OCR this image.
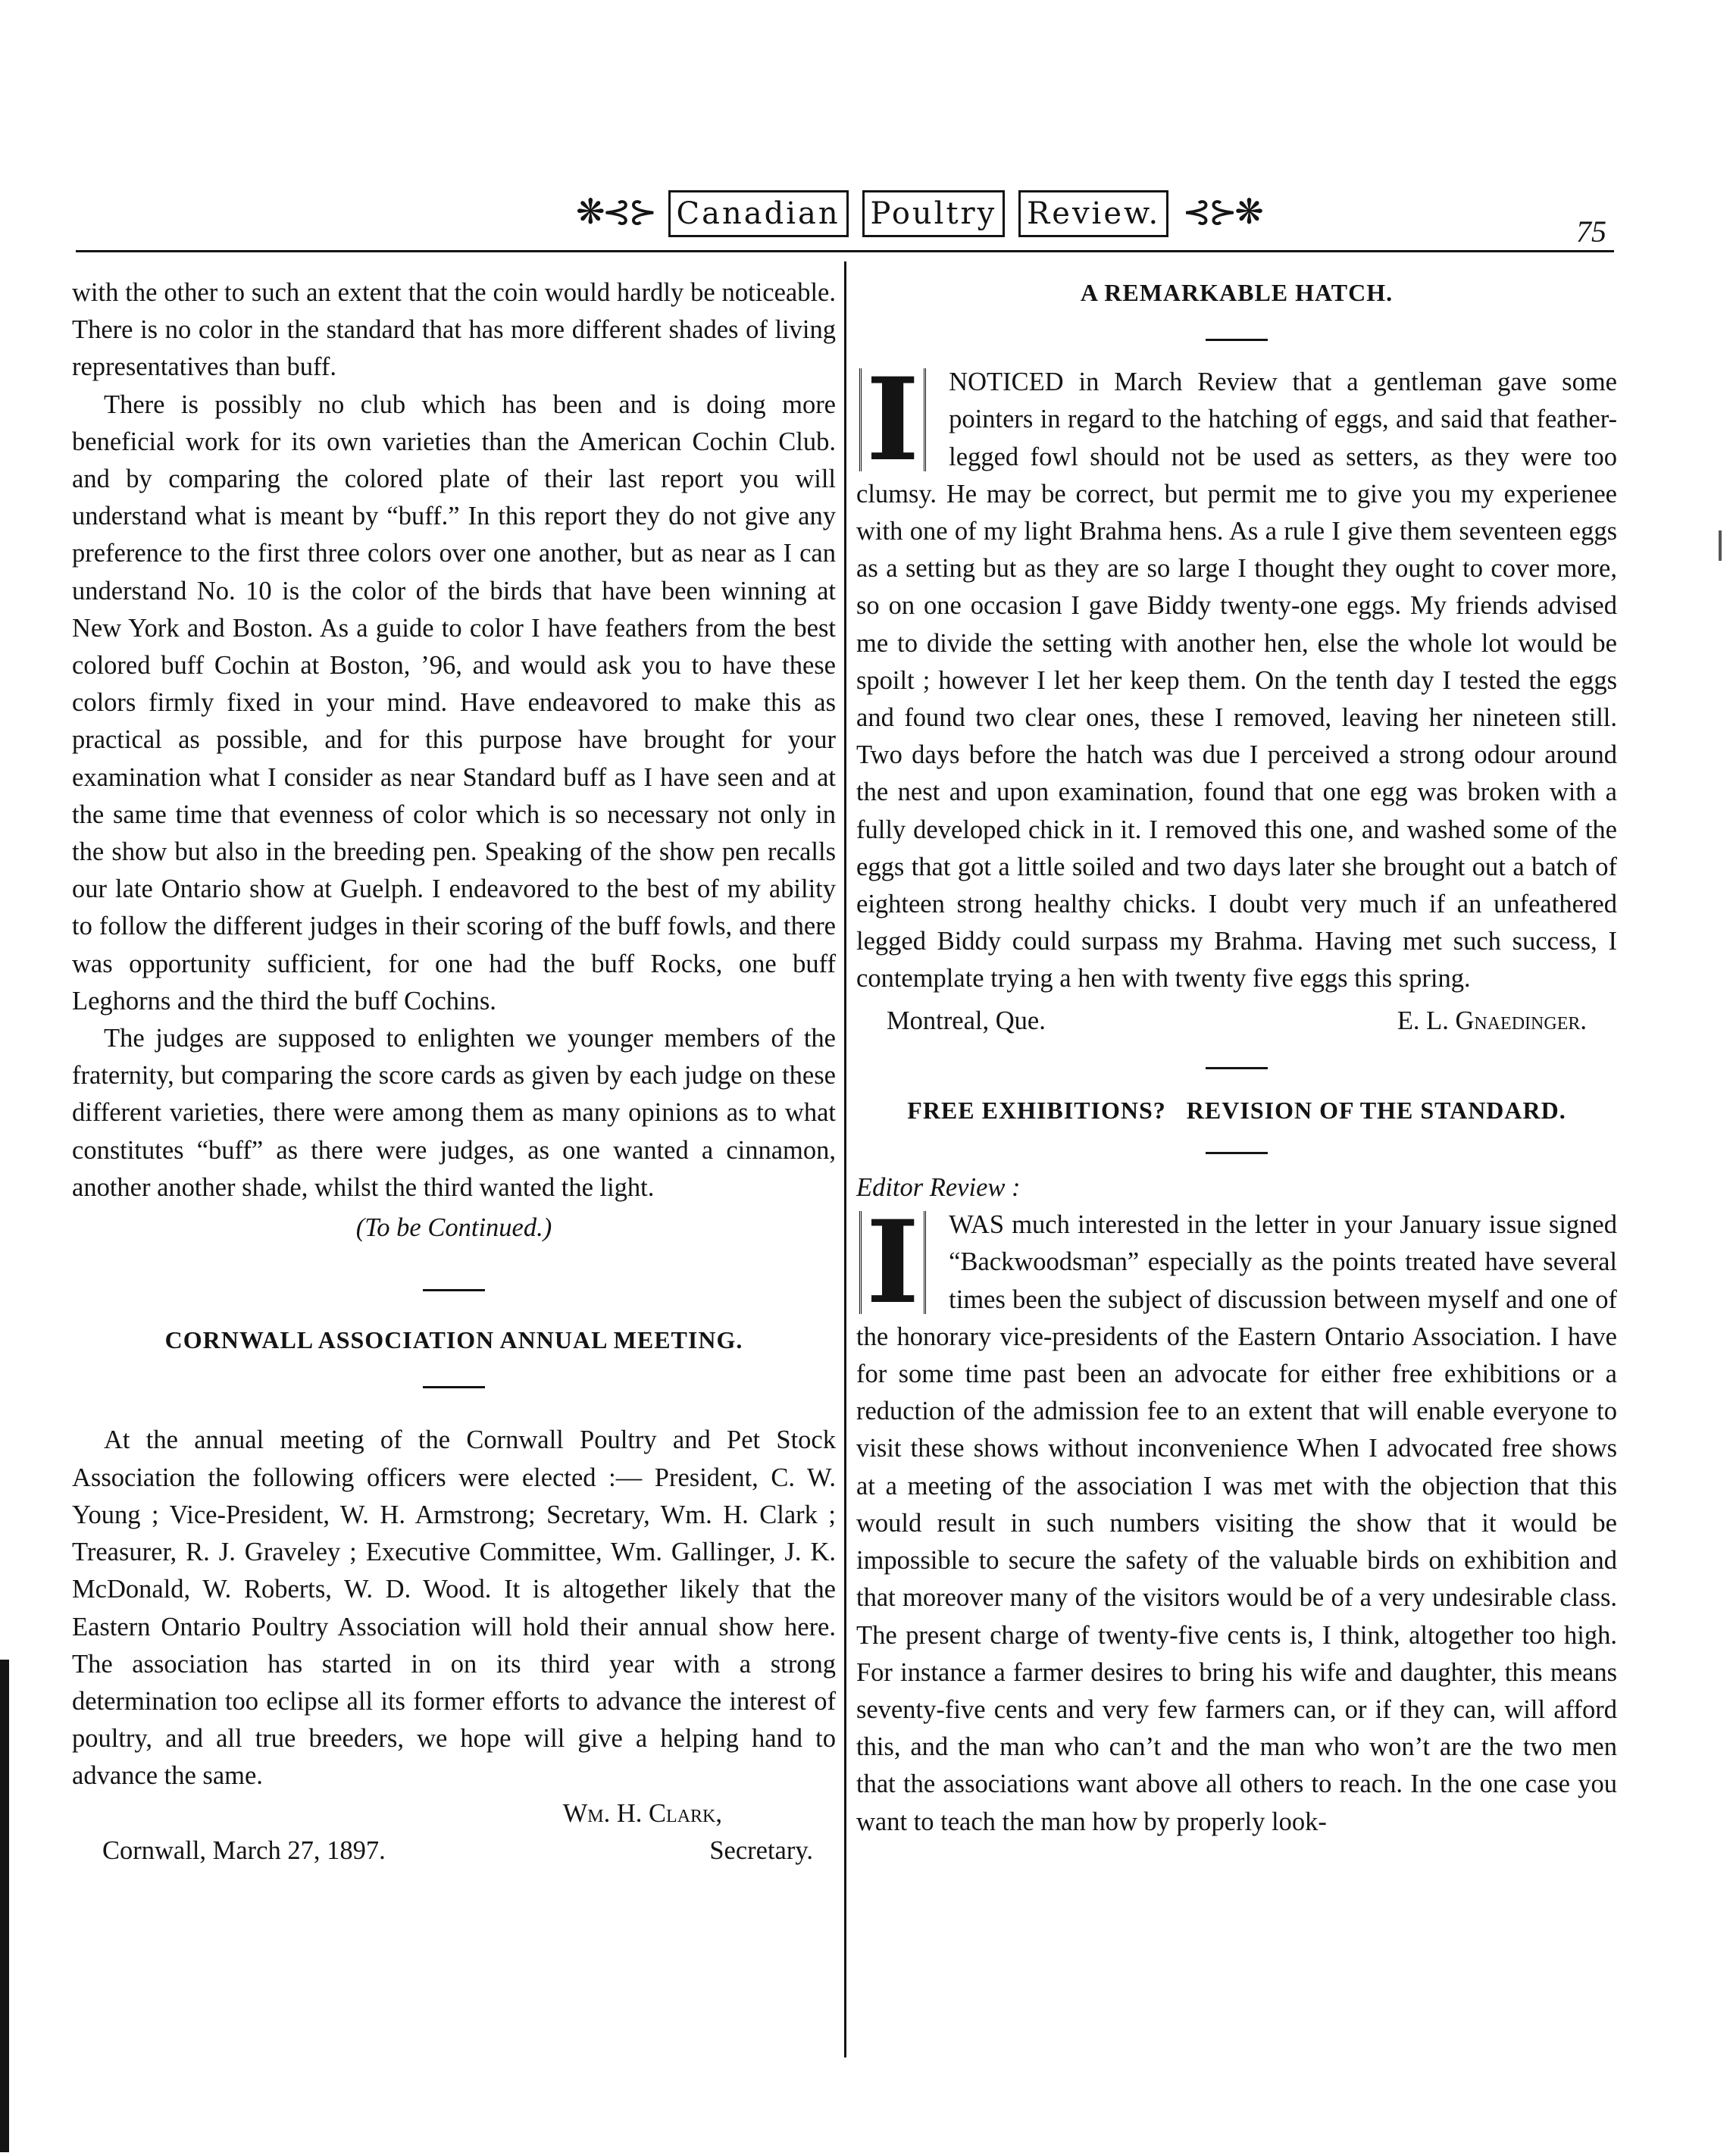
❋⊰⊱ Canadian Poultry Review. ⊰⊱❋	75

with the other to such an extent that the coin would hardly be noticeable. There is no color in the standard that has more different shades of living representatives than buff.

There is possibly no club which has been and is doing more beneficial work for its own varieties than the American Cochin Club. and by comparing the colored plate of their last report you will understand what is meant by “buff.” In this report they do not give any preference to the first three colors over one another, but as near as I can understand No. 10 is the color of the birds that have been winning at New York and Boston. As a guide to color I have feathers from the best colored buff Cochin at Boston, ’96, and would ask you to have these colors firmly fixed in your mind. Have endeavored to make this as practical as possible, and for this purpose have brought for your examination what I consider as near Standard buff as I have seen and at the same time that evenness of color which is so necessary not only in the show but also in the breeding pen. Speaking of the show pen recalls our late Ontario show at Guelph. I endeavored to the best of my ability to follow the different judges in their scoring of the buff fowls, and there was opportunity sufficient, for one had the buff Rocks, one buff Leghorns and the third the buff Cochins.

The judges are supposed to enlighten we younger members of the fraternity, but comparing the score cards as given by each judge on these different varieties, there were among them as many opinions as to what constitutes “buff” as there were judges, as one wanted a cinnamon, another another shade, whilst the third wanted the light.

(To be Continued.)

CORNWALL ASSOCIATION ANNUAL MEETING.

At the annual meeting of the Cornwall Poultry and Pet Stock Association the following officers were elected :— President, C. W. Young ; Vice-President, W. H. Armstrong; Secretary, Wm. H. Clark ; Treasurer, R. J. Graveley ; Executive Committee, Wm. Gallinger, J. K. McDonald, W. Roberts, W. D. Wood. It is altogether likely that the Eastern Ontario Poultry Association will hold their annual show here. The association has started in on its third year with a strong determination too eclipse all its former efforts to advance the interest of poultry, and all true breeders, we hope will give a helping hand to advance the same.

Wm. H. Clark,

Cornwall, March 27, 1897.	Secretary.

A REMARKABLE HATCH.

I NOTICED in March Review that a gentleman gave some pointers in regard to the hatching of eggs, and said that feather-legged fowl should not be used as setters, as they were too clumsy. He may be correct, but permit me to give you my experienee with one of my light Brahma hens. As a rule I give them seventeen eggs as a setting but as they are so large I thought they ought to cover more, so on one occasion I gave Biddy twenty-one eggs. My friends advised me to divide the setting with another hen, else the whole lot would be spoilt ; however I let her keep them. On the tenth day I tested the eggs and found two clear ones, these I removed, leaving her nineteen still. Two days before the hatch was due I perceived a strong odour around the nest and upon examination, found that one egg was broken with a fully developed chick in it. I removed this one, and washed some of the eggs that got a little soiled and two days later she brought out a batch of eighteen strong healthy chicks. I doubt very much if an unfeathered legged Biddy could surpass my Brahma. Having met such success, I contemplate trying a hen with twenty five eggs this spring.

Montreal, Que.	E. L. Gnaedinger.

FREE EXHIBITIONS?   REVISION OF THE STANDARD.

Editor Review :

I WAS much interested in the letter in your January issue signed “Backwoodsman” especially as the points treated have several times been the subject of discussion between myself and one of the honorary vice-presidents of the Eastern Ontario Association. I have for some time past been an advocate for either free exhibitions or a reduction of the admission fee to an extent that will enable everyone to visit these shows without inconvenience When I advocated free shows at a meeting of the association I was met with the objection that this would result in such numbers visiting the show that it would be impossible to secure the safety of the valuable birds on exhibition and that moreover many of the visitors would be of a very undesirable class. The present charge of twenty-five cents is, I think, altogether too high. For instance a farmer desires to bring his wife and daughter, this means seventy-five cents and very few farmers can, or if they can, will afford this, and the man who can’t and the man who won’t are the two men that the associations want above all others to reach. In the one case you want to teach the man how by properly look-
